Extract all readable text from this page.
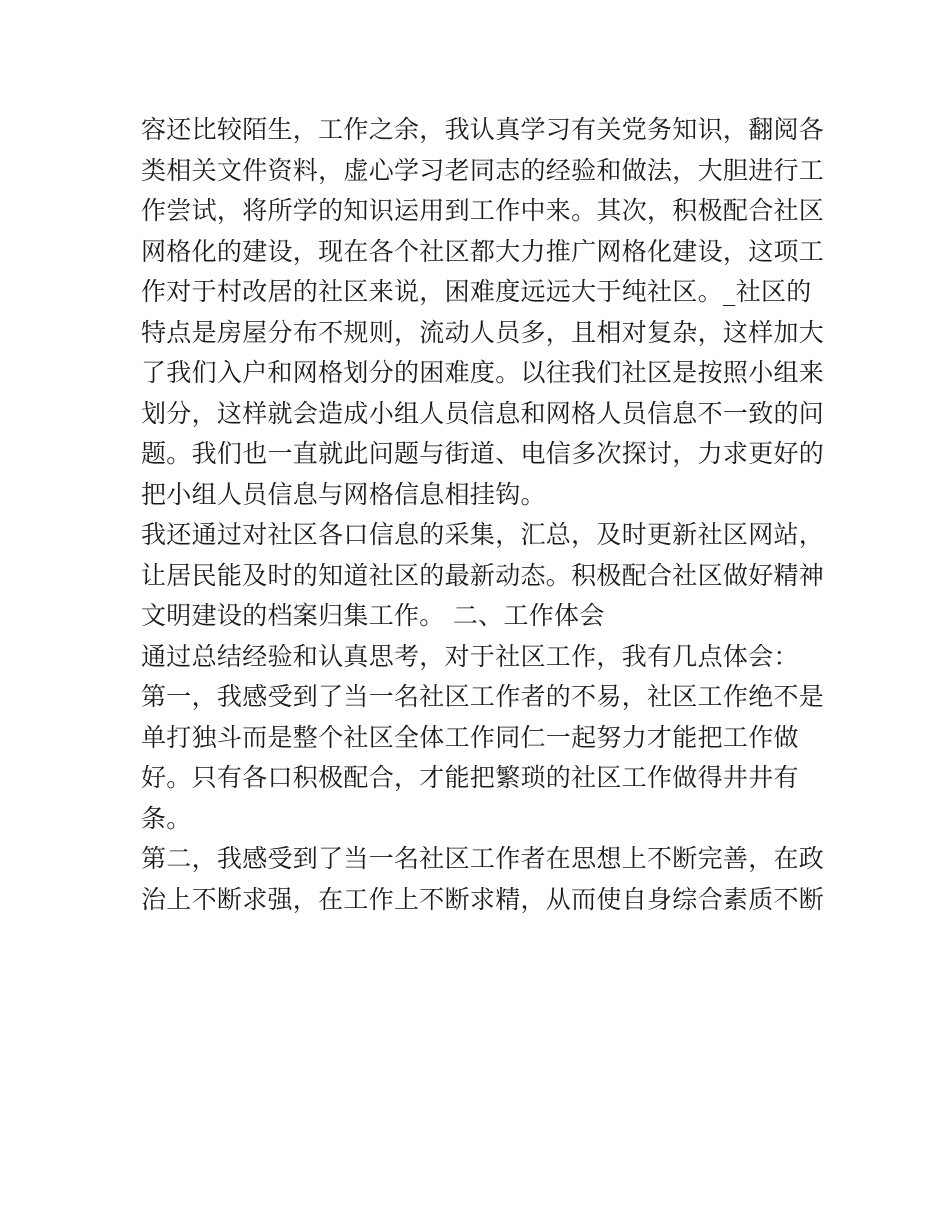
容还比较陌生，工作之余，我认真学习有关党务知识，翻阅各
类相关文件资料，虚心学习老同志的经验和做法，大胆进行工
作尝试，将所学的知识运用到工作中来。其次，积极配合社区
网格化的建设，现在各个社区都大力推广网格化建设，这项工
作对于村改居的社区来说，困难度远远大于纯社区。_社区的
特点是房屋分布不规则，流动人员多，且相对复杂，这样加大
了我们入户和网格划分的困难度。以往我们社区是按照小组来
划分，这样就会造成小组人员信息和网格人员信息不一致的问
题。我们也一直就此问题与街道、电信多次探讨，力求更好的
把小组人员信息与网格信息相挂钩。
我还通过对社区各口信息的采集，汇总，及时更新社区网站，
让居民能及时的知道社区的最新动态。积极配合社区做好精神
文明建设的档案归集工作。 二、工作体会
通过总结经验和认真思考，对于社区工作，我有几点体会：
第一，我感受到了当一名社区工作者的不易，社区工作绝不是
单打独斗而是整个社区全体工作同仁一起努力才能把工作做
好。只有各口积极配合，才能把繁琐的社区工作做得井井有
条。
第二，我感受到了当一名社区工作者在思想上不断完善，在政
治上不断求强，在工作上不断求精，从而使自身综合素质不断
